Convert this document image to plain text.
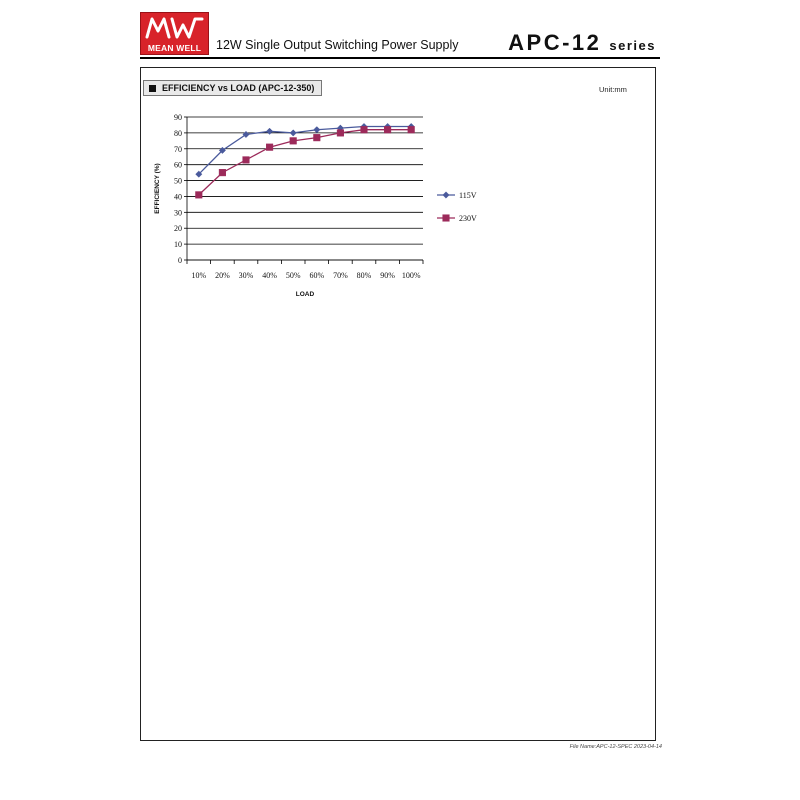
MEAN WELL	12W Single Output Switching Power Supply APC-12 series
EFFICIENCY vs LOAD (APC-12-350)	Unit:mm
0
10
20
30
40
50
60
70
80
90
10% 20% 30% 40% 50% 60% 70% 80% 90% 100%
115V
230V
LOAD
EFFICIENCY (%)
File Name:APC-12-SPEC 2023-04-14
